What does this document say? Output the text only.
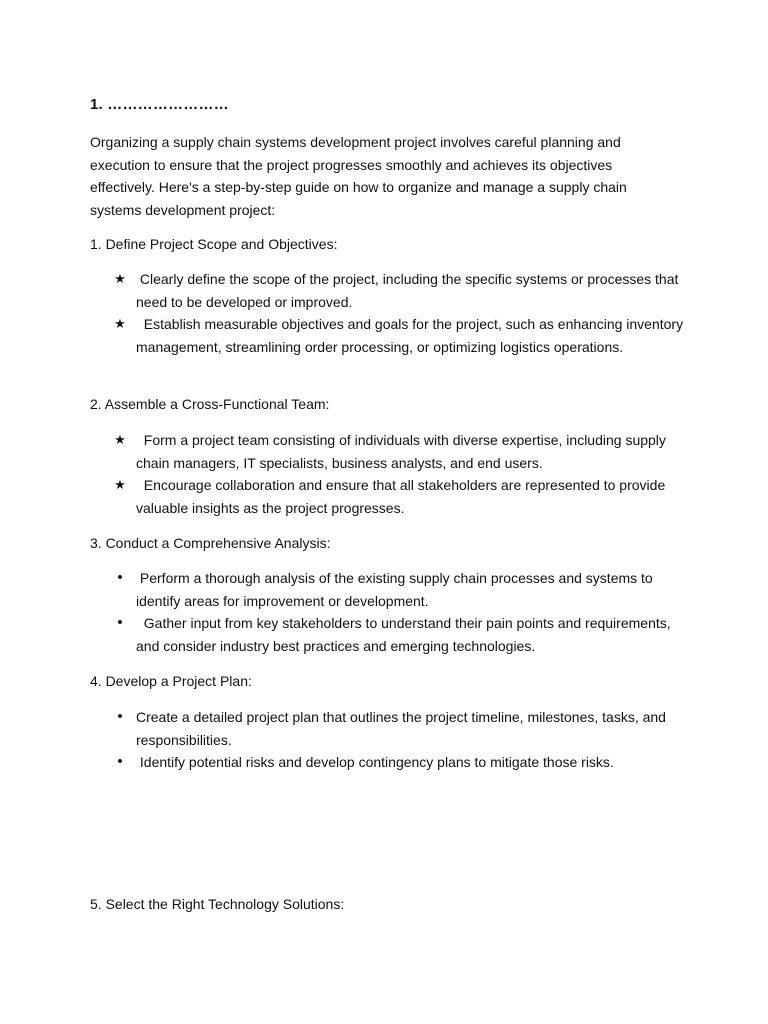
1. ……………………
Organizing a supply chain systems development project involves careful planning and execution to ensure that the project progresses smoothly and achieves its objectives effectively. Here's a step-by-step guide on how to organize and manage a supply chain systems development project:
1. Define Project Scope and Objectives:
★ Clearly define the scope of the project, including the specific systems or processes that need to be developed or improved.
★ Establish measurable objectives and goals for the project, such as enhancing inventory management, streamlining order processing, or optimizing logistics operations.
2. Assemble a Cross-Functional Team:
★ Form a project team consisting of individuals with diverse expertise, including supply chain managers, IT specialists, business analysts, and end users.
★ Encourage collaboration and ensure that all stakeholders are represented to provide valuable insights as the project progresses.
3. Conduct a Comprehensive Analysis:
• Perform a thorough analysis of the existing supply chain processes and systems to identify areas for improvement or development.
• Gather input from key stakeholders to understand their pain points and requirements, and consider industry best practices and emerging technologies.
4. Develop a Project Plan:
• Create a detailed project plan that outlines the project timeline, milestones, tasks, and responsibilities.
• Identify potential risks and develop contingency plans to mitigate those risks.
5. Select the Right Technology Solutions:
